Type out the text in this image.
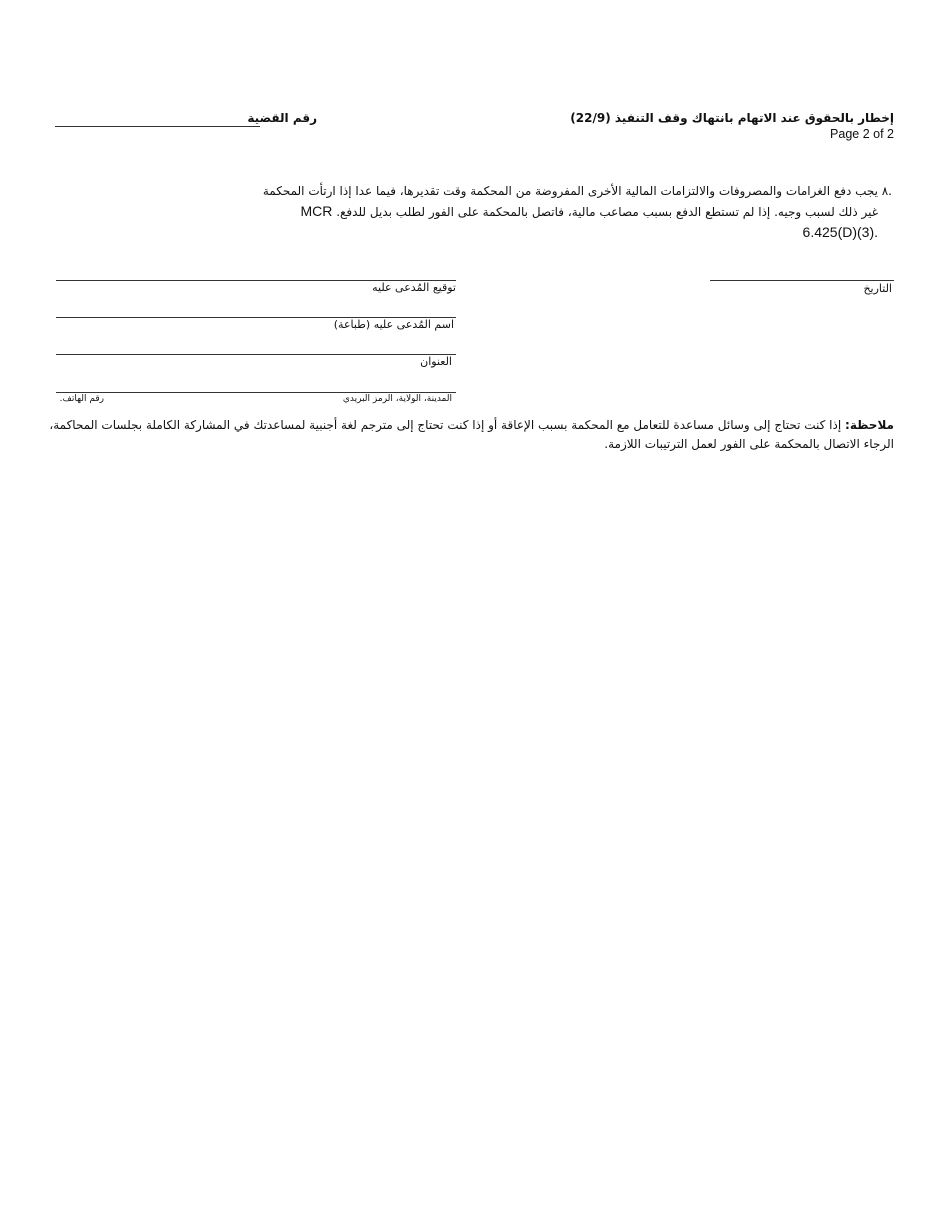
إخطار بالحقوق عند الاتهام بانتهاك وقف التنفيذ (22/9)
Page 2 of 2
رقم القضية
.٨
يجب دفع الغرامات والمصروفات والالتزامات المالية الأخرى المفروضة من المحكمة وقت تقديرها، فيما عدا إذا ارتأت المحكمة غير ذلك لسبب وجيه. إذا لم تستطع الدفع بسبب مصاعب مالية، فاتصل بالمحكمة على الفور لطلب بديل للدفع. MCR 6.425(D)(3).
التاريخ
توقيع المُدعى عليه
اسم المُدعى عليه (طباعة)
العنوان
المدينة، الولاية، الرمز البريدي
رقم الهاتف.
ملاحظة: إذا كنت تحتاج إلى وسائل مساعدة للتعامل مع المحكمة بسبب الإعاقة أو إذا كنت تحتاج إلى مترجم لغة أجنبية لمساعدتك في المشاركة الكاملة بجلسات المحاكمة، الرجاء الاتصال بالمحكمة على الفور لعمل الترتيبات اللازمة.
